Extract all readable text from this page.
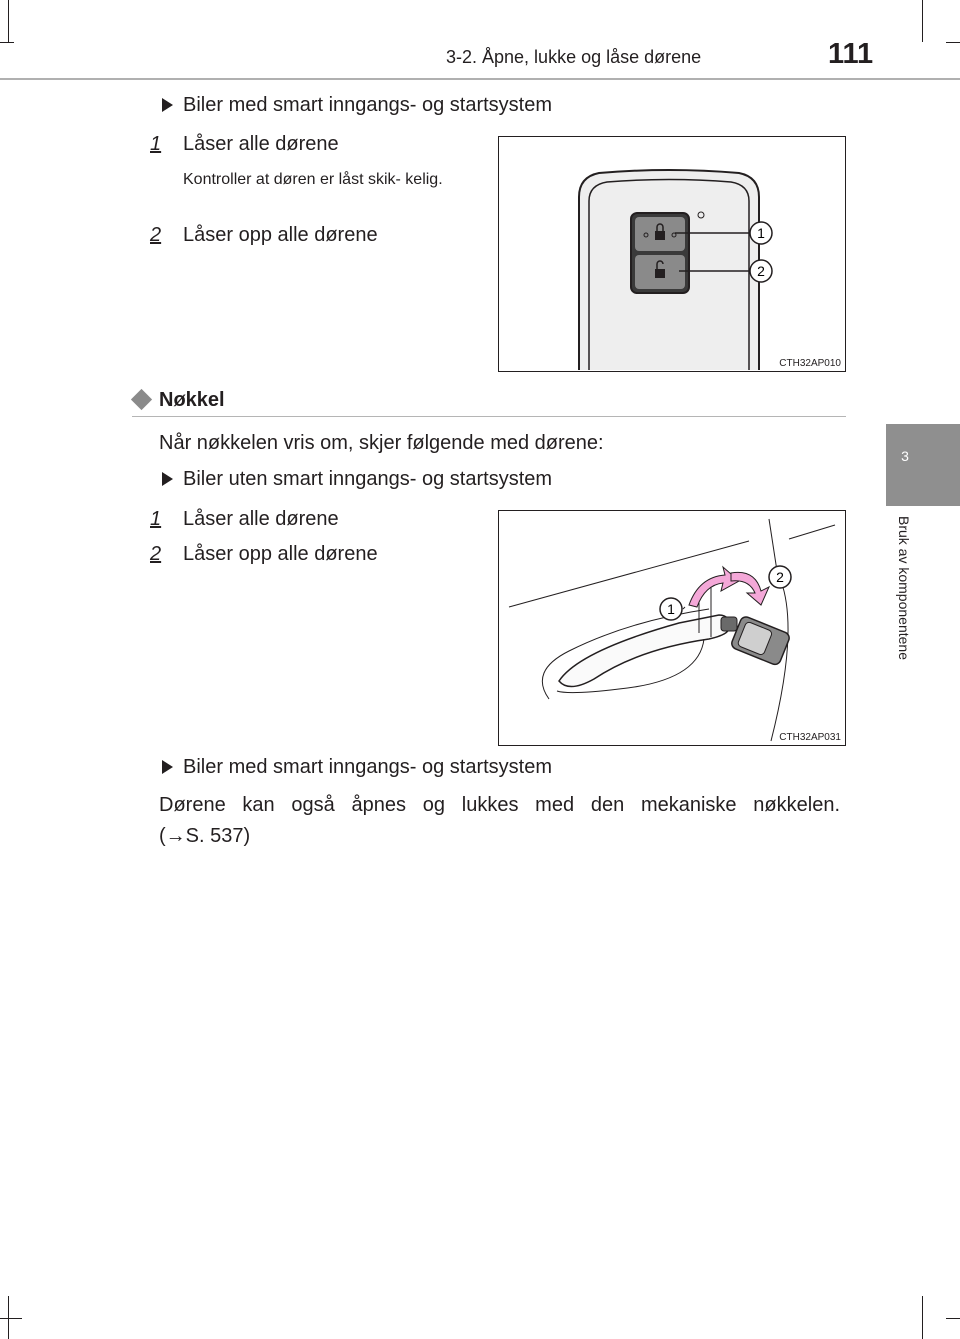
3-2. Åpne, lukke og låse dørene	111
3
Bruk av komponentene
Biler med smart inngangs- og startsystem
1 Låser alle dørene
Kontroller at døren er låst skik- kelig.
2 Låser opp alle dørene	1
2
CTH32AP010
Nøkkel
Når nøkkelen vris om, skjer følgende med dørene:
Biler uten smart inngangs- og startsystem
1 Låser alle dørene
2 Låser opp alle dørene
1
2
CTH32AP031
Biler med smart inngangs- og startsystem
Dørene kan også åpnes og lukkes med den mekaniske nøkkelen.
(→S. 537)
